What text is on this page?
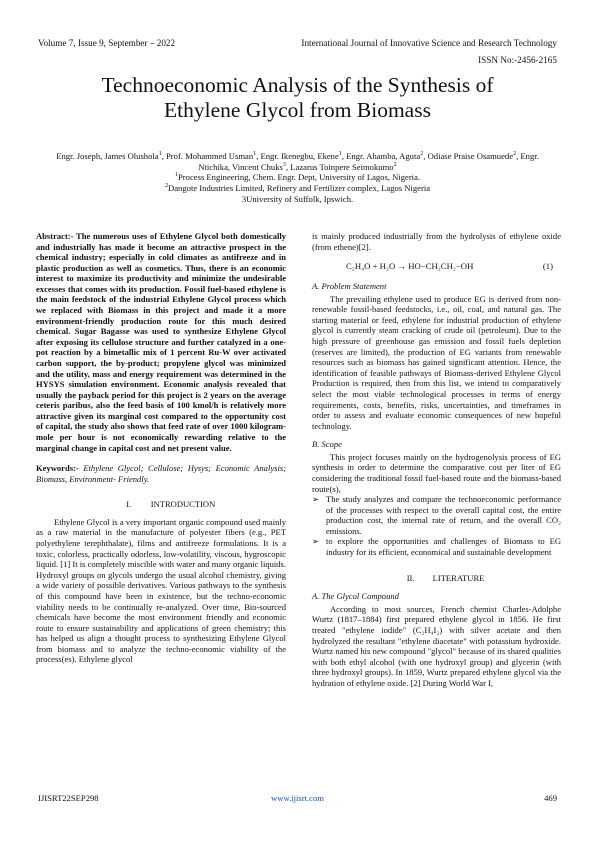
Volume 7, Issue 9, September – 2022	International Journal of Innovative Science and Research Technology
ISSN No:-2456-2165
Technoeconomic Analysis of the Synthesis of
Ethylene Glycol from Biomass
Engr. Joseph, James Olushola$^1$, Prof. Mohammed Usman$^1$, Engr. Ikenegbu, Ekene$^1$, Engr. Ahamba, Aguta$^2$, Odiase Praise Osamuede$^2$, Engr. Ntichika, Vincent Chuks$^3$, Lazarus Toinpere Seimokumo$^2$
$^1$Process Engineering, Chem. Engr. Dept, University of Lagos, Nigeria.
$^2$Dangote Industries Limited, Refinery and Fertilizer complex, Lagos Nigeria
3University of Suffolk, Ipswich.

Abstract:- The numerous uses of Ethylene Glycol both domestically and industrially has made it become an attractive prospect in the chemical industry; especially in cold climates as antifreeze and in plastic production as well as cosmetics. Thus, there is an economic interest to maximize its productivity and minimize the undesirable excesses that comes with its production. Fossil fuel-based ethylene is the main feedstock of the industrial Ethylene Glycol process which we replaced with Biomass in this project and made it a more environment-friendly production route for this much desired chemical. Sugar Bagasse was used to synthesize Ethylene Glycol after exposing its cellulose structure and further catalyzed in a one-pot reaction by a bimetallic mix of 1 percent Ru-W over activated carbon support, the by-product; propylene glycol was minimized and the utility, mass and energy requirement was determined in the HYSYS simulation environment. Economic analysis revealed that usually the payback period for this project is 2 years on the average ceteris paribus, also the feed basis of 100 kmol/h is relatively more attractive given its marginal cost compared to the opportunity cost of capital, the study also shows that feed rate of over 1000 kilogram-mole per hour is not economically rewarding relative to the marginal change in capital cost and net present value.

Keywords:- Ethylene Glycol; Cellulose; Hysys; Economic Analysis; Biomass, Environment- Friendly.

I. INTRODUCTION

Ethylene Glycol is a very important organic compound used mainly as a raw material in the manufacture of polyester fibers (e.g., PET polyethylene terephthalate), films and antifreeze formulations. It is a toxic, colorless, practically odorless, low-volatility, viscous, hygroscopic liquid. [1] It is completely miscible with water and many organic liquids. Hydroxyl groups on glycols undergo the usual alcohol chemistry, giving a wide variety of possible derivatives. Various pathways to the synthesis of this compound have been in existence, but the techno-economic viability needs to be continually re-analyzed. Over time, Bio-sourced chemicals have become the most environment friendly and economic route to ensure sustainability and applications of green chemistry; this has helped us align a thought process to synthesizing Ethylene Glycol from biomass and to analyze the techno-economic viability of the process(es). Ethylene glycol

is mainly produced industrially from the hydrolysis of ethylene oxide (from ethene)[2].

C₂H₄O + H₂O → HO−CH₂CH₂−OH	(1)

A. Problem Statement

The prevailing ethylene used to produce EG is derived from non-renewable fossil-based feedstocks, i.e., oil, coal, and natural gas. The starting material or feed, ethylene for industrial production of ethylene glycol is currently steam cracking of crude oil (petroleum). Due to the high pressure of greenhouse gas emission and fossil fuels depletion (reserves are limited), the production of EG variants from renewable resources such as biomass has gained significant attention. Hence, the identification of feasible pathways of Biomass-derived Ethylene Glycol Production is required, then from this list, we intend to comparatively select the most viable technological processes in terms of energy requirements, costs, benefits, risks, uncertainties, and timeframes in order to assess and evaluate economic consequences of new hopeful technology.

B. Scope

This project focuses mainly on the hydrogenolysis process of EG synthesis in order to determine the comparative cost per liter of EG considering the traditional fossil fuel-based route and the biomass-based route(s),

➢ The study analyzes and compare the technoeconomic performance of the processes with respect to the overall capital cost, the entire production cost, the internal rate of return, and the overall CO₂ emissions.

➢ to explore the opportunities and challenges of Biomass to EG industry for its efficient, economical and sustainable development

II. LITERATURE

A. The Glycol Compound

According to most sources, French chemist Charles-Adolphe Wurtz (1817–1884) first prepared ethylene glycol in 1856. He first treated "ethylene iodide" (C₂H₄I₂) with silver acetate and then hydrolyzed the resultant "ethylene diacetate" with potassium hydroxide. Wurtz named his new compound "glycol" because of its shared qualities with both ethyl alcohol (with one hydroxyl group) and glycerin (with three hydroxyl groups). In 1859, Wurtz prepared ethylene glycol via the hydration of ethylene oxide. [2] During World War I,

IJISRT22SEP298	www.ijisrt.com	469
